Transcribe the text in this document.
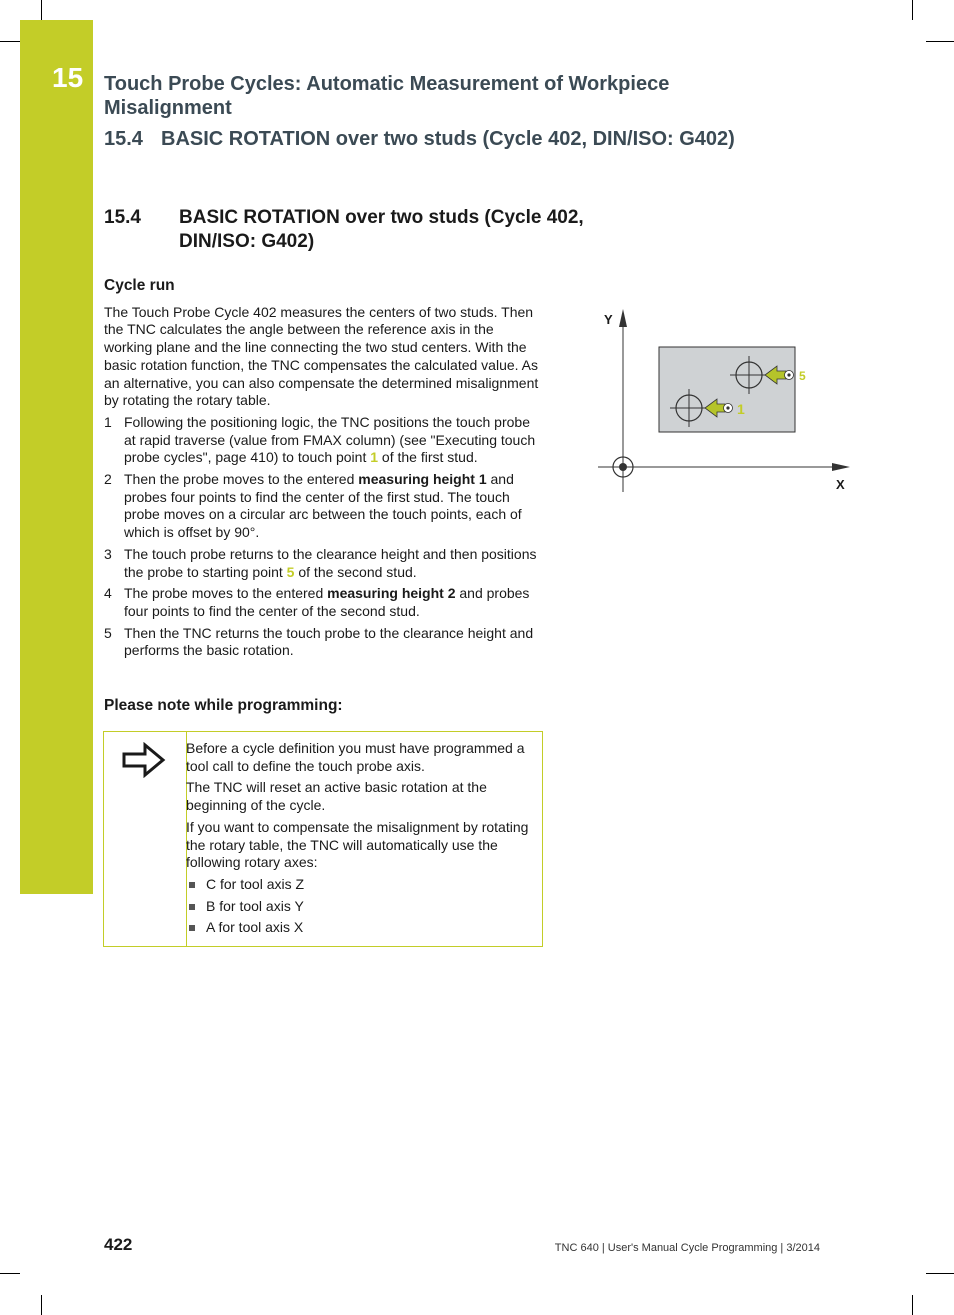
15 Touch Probe Cycles: Automatic Measurement of Workpiece Misalignment
15.4 BASIC ROTATION over two studs (Cycle 402, DIN/ISO: G402)
15.4 BASIC ROTATION over two studs (Cycle 402, DIN/ISO: G402)
Cycle run

The Touch Probe Cycle 402 measures the centers of two studs. Then the TNC calculates the angle between the reference axis in the working plane and the line connecting the two stud centers. With the basic rotation function, the TNC compensates the calculated value. As an alternative, you can also compensate the determined misalignment by rotating the rotary table.

1 Following the positioning logic, the TNC positions the touch probe at rapid traverse (value from FMAX column) (see "Executing touch probe cycles", page 410) to touch point 1 of the first stud.
2 Then the probe moves to the entered measuring height 1 and probes four points to find the center of the first stud. The touch probe moves on a circular arc between the touch points, each of which is offset by 90°.
3 The touch probe returns to the clearance height and then positions the probe to starting point 5 of the second stud.
4 The probe moves to the entered measuring height 2 and probes four points to find the center of the second stud.
5 Then the TNC returns the touch probe to the clearance height and performs the basic rotation.
Please note while programming:

Before a cycle definition you must have programmed a tool call to define the touch probe axis.

The TNC will reset an active basic rotation at the beginning of the cycle.

If you want to compensate the misalignment by rotating the rotary table, the TNC will automatically use the following rotary axes:

C for tool axis Z
B for tool axis Y
A for tool axis X
Y
X
5
1
422	TNC 640 | User's Manual Cycle Programming | 3/2014
